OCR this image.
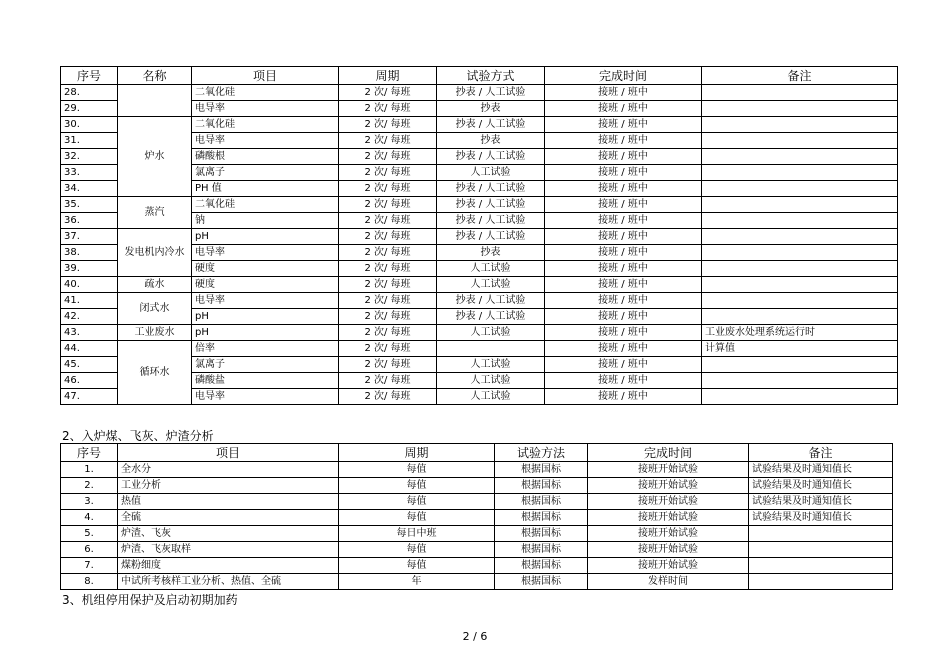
序号	名称	项目	周期	试验方式	完成时间	备注
28.		二氧化硅	2 次/ 每班	抄表 / 人工试验	接班 / 班中	
29.		电导率	2 次/ 每班	抄表	接班 / 班中	
30.	炉水	二氧化硅	2 次/ 每班	抄表 / 人工试验	接班 / 班中	
31.		电导率	2 次/ 每班	抄表	接班 / 班中	
32.		磷酸根	2 次/ 每班	抄表 / 人工试验	接班 / 班中	
33.		氯离子	2 次/ 每班	人工试验	接班 / 班中	
34.		PH 值	2 次/ 每班	抄表 / 人工试验	接班 / 班中	
35.	蒸汽	二氧化硅	2 次/ 每班	抄表 / 人工试验	接班 / 班中	
36.		钠	2 次/ 每班	抄表 / 人工试验	接班 / 班中	
37.	发电机内冷水	pH	2 次/ 每班	抄表 / 人工试验	接班 / 班中	
38.		电导率	2 次/ 每班	抄表	接班 / 班中	
39.		硬度	2 次/ 每班	人工试验	接班 / 班中	
40.	疏水	硬度	2 次/ 每班	人工试验	接班 / 班中	
41.	闭式水	电导率	2 次/ 每班	抄表 / 人工试验	接班 / 班中	
42.		pH	2 次/ 每班	抄表 / 人工试验	接班 / 班中	
43.	工业废水	pH	2 次/ 每班	人工试验	接班 / 班中	工业废水处理系统运行时
44.	循环水	倍率	2 次/ 每班		接班 / 班中	计算值
45.		氯离子	2 次/ 每班	人工试验	接班 / 班中	
46.		磷酸盐	2 次/ 每班	人工试验	接班 / 班中	
47.		电导率	2 次/ 每班	人工试验	接班 / 班中	
2、入炉煤、飞灰、炉渣分析
序号	项目	周期	试验方法	完成时间	备注
1.	全水分	每值	根据国标	接班开始试验	试验结果及时通知值长
2.	工业分析	每值	根据国标	接班开始试验	试验结果及时通知值长
3.	热值	每值	根据国标	接班开始试验	试验结果及时通知值长
4.	全硫	每值	根据国标	接班开始试验	试验结果及时通知值长
5.	炉渣、飞灰	每日中班	根据国标	接班开始试验	
6.	炉渣、飞灰取样	每值	根据国标	接班开始试验	
7.	煤粉细度	每值	根据国标	接班开始试验	
8.	中试所考核样工业分析、热值、全硫	年	根据国标	发样时间	
3、机组停用保护及启动初期加药
2 / 6
